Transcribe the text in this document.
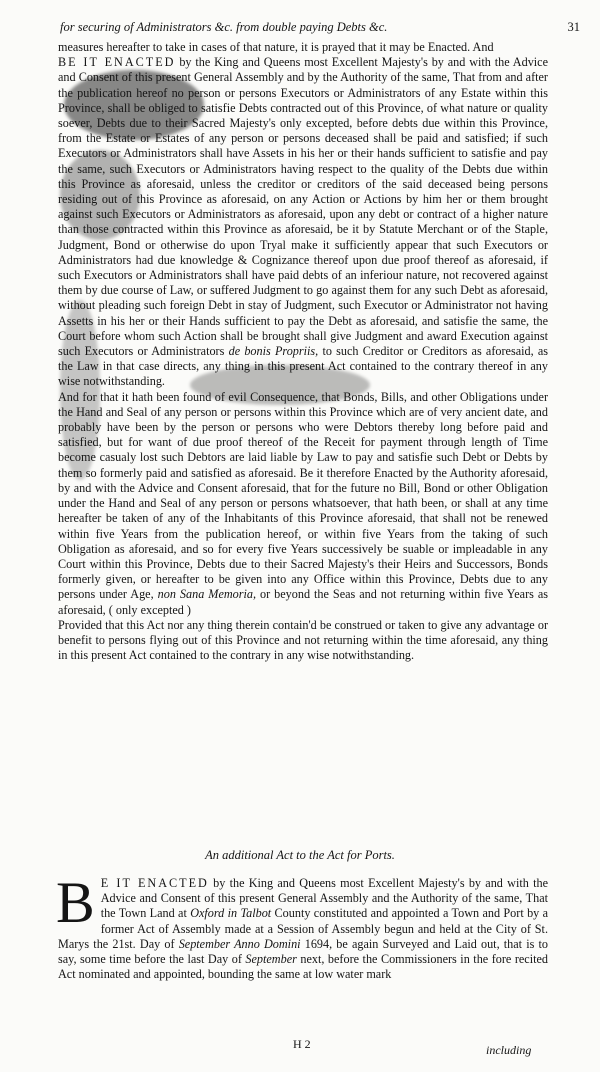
for securing of Administrators &c. from double paying Debts &c.	31

measures hereafter to take in cases of that nature, it is prayed that it may be Enacted. And

BE IT ENACTED by the King and Queens most Excellent Majesty's by and with the Advice and Consent of this present General Assembly and by the Authority of the same, That from and after the publication hereof no person or persons Executors or Administrators of any Estate within this Province, shall be obliged to satisfie Debts contracted out of this Province, of what nature or quality soever, Debts due to their Sacred Majesty's only excepted, before debts due within this Province, from the Estate or Estates of any person or persons deceased shall be paid and satisfied; if such Executors or Administrators shall have Assets in his her or their hands sufficient to satisfie and pay the same, such Executors or Administrators having respect to the quality of the Debts due within this Province as aforesaid, unless the creditor or creditors of the said deceased being persons residing out of this Province as aforesaid, on any Action or Actions by him her or them brought against such Executors or Administrators as aforesaid, upon any debt or contract of a higher nature than those contracted within this Province as aforesaid, be it by Statute Merchant or of the Staple, Judgment, Bond or otherwise do upon Tryal make it sufficiently appear that such Executors or Administrators had due knowledge & Cognizance thereof upon due proof thereof as aforesaid, if such Executors or Administrators shall have paid debts of an inferiour nature, not recovered against them by due course of Law, or suffered Judgment to go against them for any such Debt as aforesaid, without pleading such foreign Debt in stay of Judgment, such Executor or Administrator not having Assetts in his her or their Hands sufficient to pay the Debt as aforesaid, and satisfie the same, the Court before whom such Action shall be brought shall give Judgment and award Execution against such Executors or Administrators de bonis Propriis, to such Creditor or Creditors as aforesaid, as the Law in that case directs, any thing in this present Act contained to the contrary thereof in any wise notwithstanding.

And for that it hath been found of evil Consequence, that Bonds, Bills, and other Obligations under the Hand and Seal of any person or persons within this Province which are of very ancient date, and probably have been by the person or persons who were Debtors thereby long before paid and satisfied, but for want of due proof thereof of the Receit for payment through length of Time become casualy lost such Debtors are laid liable by Law to pay and satisfie such Debt or Debts by them so formerly paid and satisfied as aforesaid. Be it therefore Enacted by the Authority aforesaid, by and with the Advice and Consent aforesaid, that for the future no Bill, Bond or other Obligation under the Hand and Seal of any person or persons whatsoever, that hath been, or shall at any time hereafter be taken of any of the Inhabitants of this Province aforesaid, that shall not be renewed within five Years from the publication hereof, or within five Years from the taking of such Obligation as aforesaid, and so for every five Years successively be suable or impleadable in any Court within this Province, Debts due to their Sacred Majesty's their Heirs and Successors, Bonds formerly given, or hereafter to be given into any Office within this Province, Debts due to any persons under Age, non Sana Memoria, or beyond the Seas and not returning within five Years as aforesaid, ( only excepted )

Provided that this Act nor any thing therein contain'd be construed or taken to give any advantage or benefit to persons flying out of this Province and not returning within the time aforesaid, any thing in this present Act contained to the contrary in any wise notwithstanding.

An additional Act to the Act for Ports.

B E IT ENACTED by the King and Queens most Excellent Majesty's by and with the Advice and Consent of this present General Assembly and the Authority of the same, That the Town Land at Oxford in Talbot County constituted and appointed a Town and Port by a former Act of Assembly made at a Session of Assembly begun and held at the City of St. Marys the 21st. Day of September Anno Domini 1694, be again Surveyed and Laid out, that is to say, some time before the last Day of September next, before the Commissioners in the fore recited Act nominated and appointed, bounding the same at low water mark

H 2	including
